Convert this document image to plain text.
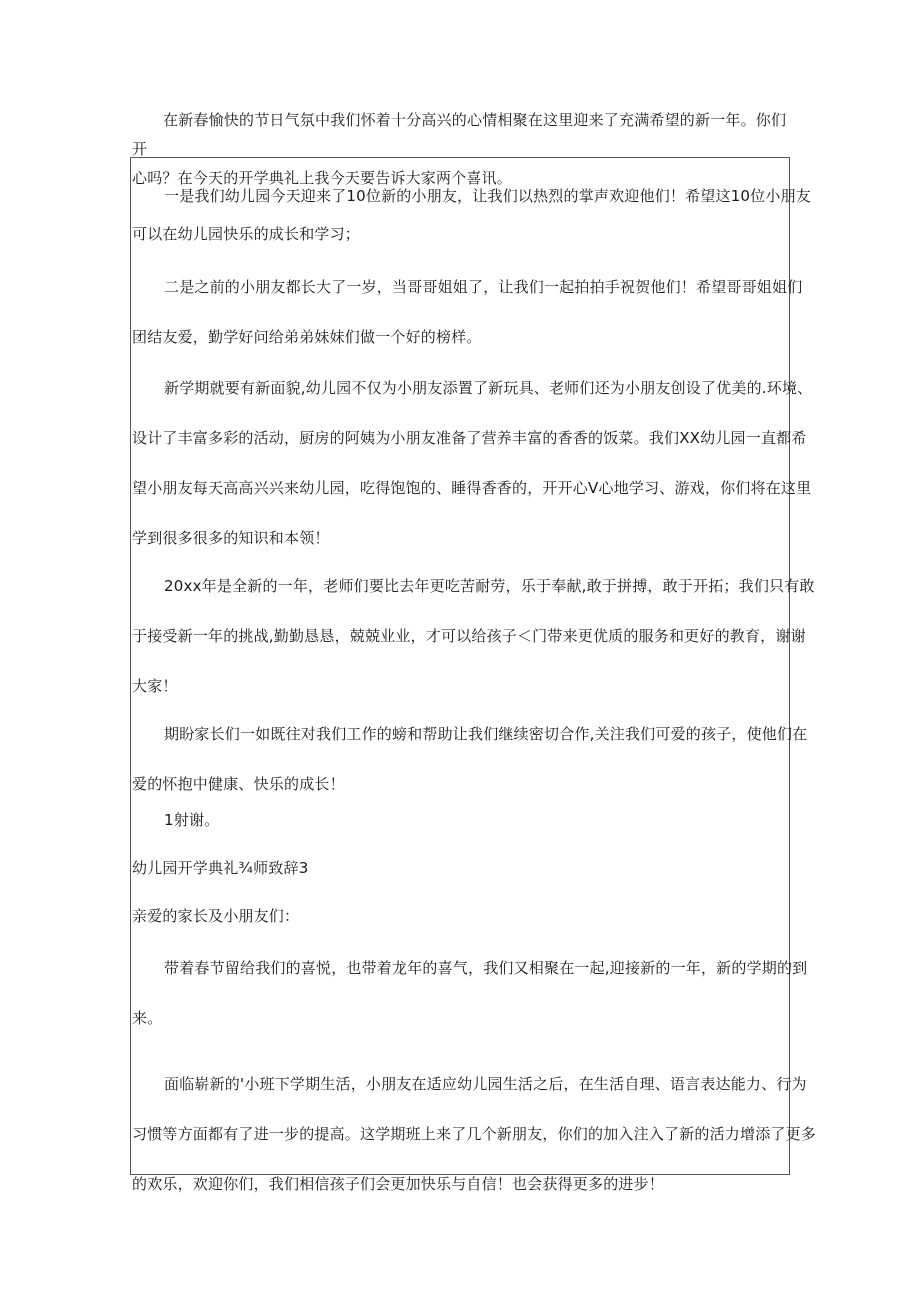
在新春愉快的节日气氛中我们怀着十分高兴的心情相聚在这里迎来了充满希望的新一年。你们开
心吗？在今天的开学典礼上我今天要告诉大家两个喜讯。

一是我们幼儿园今天迎来了10位新的小朋友，让我们以热烈的掌声欢迎他们！希望这10位小朋友
可以在幼儿园快乐的成长和学习；
二是之前的小朋友都长大了一岁，当哥哥姐姐了，让我们一起拍拍手祝贺他们！希望哥哥姐姐们
团结友爱，勤学好问给弟弟妹妹们做一个好的榜样。
新学期就要有新面貌,幼儿园不仅为小朋友添置了新玩具、老师们还为小朋友创设了优美的.环境、
设计了丰富多彩的活动，厨房的阿姨为小朋友准备了营养丰富的香香的饭菜。我们XX幼儿园一直都希
望小朋友每天高高兴兴来幼儿园，吃得饱饱的、睡得香香的，开开心V心地学习、游戏，你们将在这里
学到很多很多的知识和本领！
20xx年是全新的一年，老师们要比去年更吃苦耐劳，乐于奉献,敢于拼搏，敢于开拓；我们只有敢
于接受新一年的挑战,勤勤恳恳，兢兢业业，才可以给孩子＜门带来更优质的服务和更好的教育，谢谢
大家！
期盼家长们一如既往对我们工作的螃和帮助让我们继续密切合作,关注我们可爱的孩子，使他们在
爱的怀抱中健康、快乐的成长！
1射谢。
幼儿园开学典礼¾师致辞3
亲爱的家长及小朋友们：
带着春节留给我们的喜悦，也带着龙年的喜气，我们又相聚在一起,迎接新的一年，新的学期的到
来。
面临崭新的'小班下学期生活，小朋友在适应幼儿园生活之后，在生活自理、语言表达能力、行为
习惯等方面都有了进一步的提高。这学期班上来了几个新朋友，你们的加入注入了新的活力增添了更多
的欢乐，欢迎你们，我们相信孩子们会更加快乐与自信！也会获得更多的进步！
